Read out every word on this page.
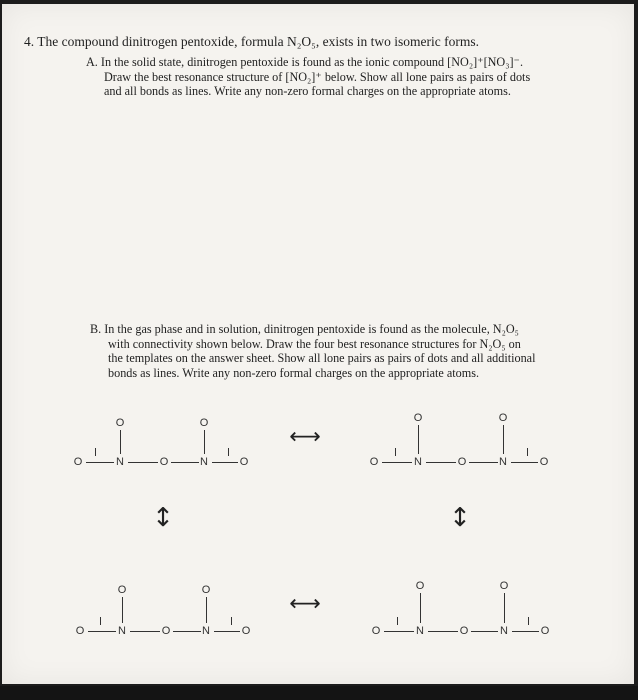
4. The compound dinitrogen pentoxide, formula N₂O₅, exists in two isomeric forms.
A. In the solid state, dinitrogen pentoxide is found as the ionic compound [NO₂]⁺[NO₃]⁻.
Draw the best resonance structure of [NO₂]⁺ below. Show all lone pairs as pairs of dots
and all bonds as lines. Write any non-zero formal charges on the appropriate atoms.
B. In the gas phase and in solution, dinitrogen pentoxide is found as the molecule, N₂O₅
with connectivity shown below. Draw the four best resonance structures for N₂O₅ on
the templates on the answer sheet. Show all lone pairs as pairs of dots and all additional
bonds as lines. Write any non-zero formal charges on the appropriate atoms.
O	O
O	N	O	N	O
O	O
O	N	O	N	O
O	O
O	N	O	N	O
O	O
O	N	O	N	O
⟷
⟷
↕	↕
